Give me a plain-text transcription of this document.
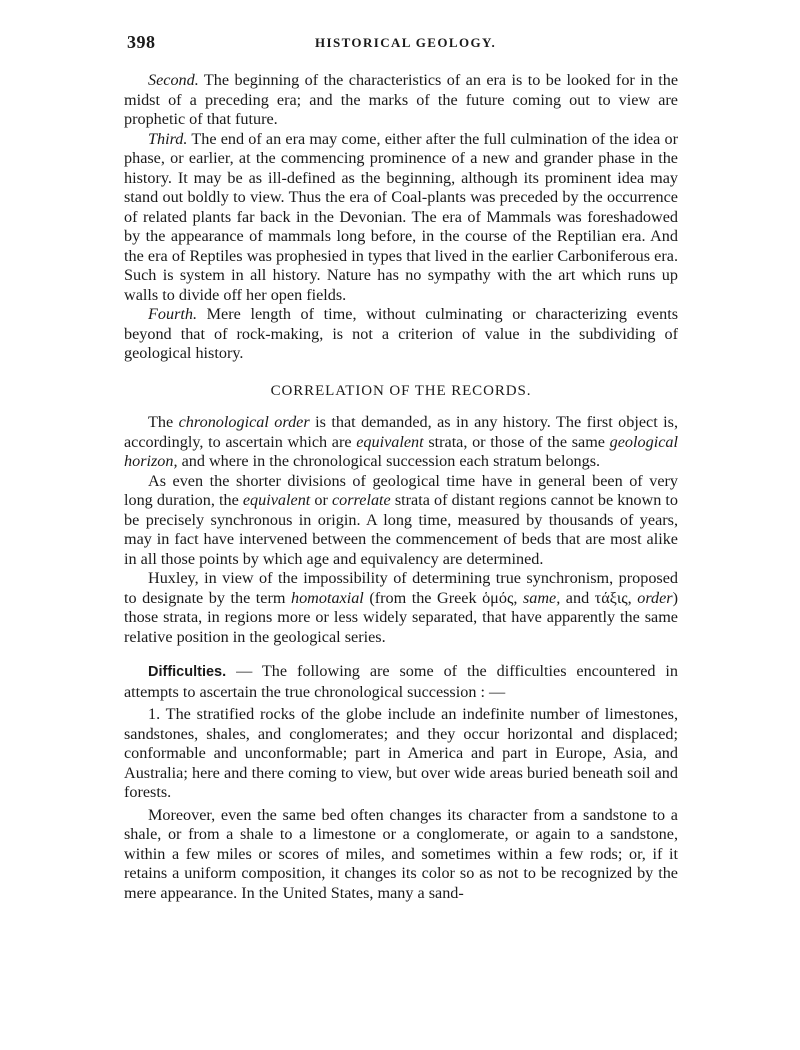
398	HISTORICAL GEOLOGY.

Second. The beginning of the characteristics of an era is to be looked for in the midst of a preceding era; and the marks of the future coming out to view are prophetic of that future.

Third. The end of an era may come, either after the full culmination of the idea or phase, or earlier, at the commencing prominence of a new and grander phase in the history. It may be as ill-defined as the beginning, although its prominent idea may stand out boldly to view. Thus the era of Coal-plants was preceded by the occurrence of related plants far back in the Devonian. The era of Mammals was foreshadowed by the appearance of mammals long before, in the course of the Reptilian era. And the era of Reptiles was prophesied in types that lived in the earlier Carboniferous era. Such is system in all history. Nature has no sympathy with the art which runs up walls to divide off her open fields.

Fourth. Mere length of time, without culminating or characterizing events beyond that of rock-making, is not a criterion of value in the subdividing of geological history.

CORRELATION OF THE RECORDS.

The chronological order is that demanded, as in any history. The first object is, accordingly, to ascertain which are equivalent strata, or those of the same geological horizon, and where in the chronological succession each stratum belongs.

As even the shorter divisions of geological time have in general been of very long duration, the equivalent or correlate strata of distant regions cannot be known to be precisely synchronous in origin. A long time, measured by thousands of years, may in fact have intervened between the commencement of beds that are most alike in all those points by which age and equivalency are determined.

Huxley, in view of the impossibility of determining true synchronism, proposed to designate by the term homotaxial (from the Greek ὁμός, same, and τάξις, order) those strata, in regions more or less widely separated, that have apparently the same relative position in the geological series.

Difficulties. — The following are some of the difficulties encountered in attempts to ascertain the true chronological succession : —

1. The stratified rocks of the globe include an indefinite number of limestones, sandstones, shales, and conglomerates; and they occur horizontal and displaced; conformable and unconformable; part in America and part in Europe, Asia, and Australia; here and there coming to view, but over wide areas buried beneath soil and forests.

Moreover, even the same bed often changes its character from a sandstone to a shale, or from a shale to a limestone or a conglomerate, or again to a sandstone, within a few miles or scores of miles, and sometimes within a few rods; or, if it retains a uniform composition, it changes its color so as not to be recognized by the mere appearance. In the United States, many a sand-
